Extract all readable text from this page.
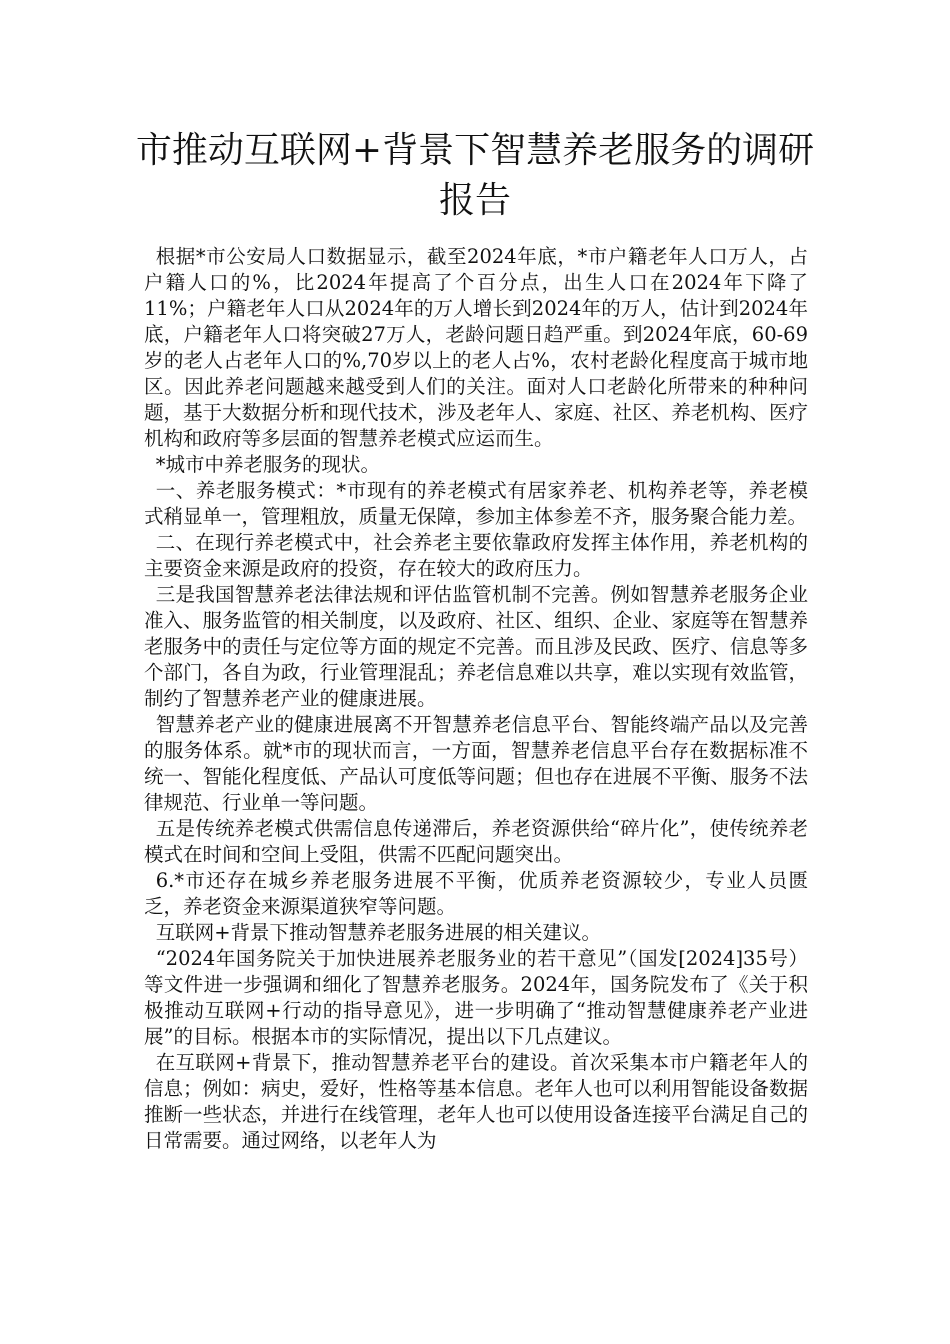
市推动互联网+背景下智慧养老服务的调研报告

根据*市公安局人口数据显示，截至2024年底，*市户籍老年人口万人，占户籍人口的%，比2024年提高了个百分点，出生人口在2024年下降了11%；户籍老年人口从2024年的万人增长到2024年的万人，估计到2024年底，户籍老年人口将突破27万人，老龄问题日趋严重。到2024年底，60-69岁的老人占老年人口的%,70岁以上的老人占%，农村老龄化程度高于城市地区。因此养老问题越来越受到人们的关注。面对人口老龄化所带来的种种问题，基于大数据分析和现代技术，涉及老年人、家庭、社区、养老机构、医疗机构和政府等多层面的智慧养老模式应运而生。

*城市中养老服务的现状。

一、养老服务模式：*市现有的养老模式有居家养老、机构养老等，养老模式稍显单一，管理粗放，质量无保障，参加主体参差不齐，服务聚合能力差。

二、在现行养老模式中，社会养老主要依靠政府发挥主体作用，养老机构的主要资金来源是政府的投资，存在较大的政府压力。

三是我国智慧养老法律法规和评估监管机制不完善。例如智慧养老服务企业准入、服务监管的相关制度，以及政府、社区、组织、企业、家庭等在智慧养老服务中的责任与定位等方面的规定不完善。而且涉及民政、医疗、信息等多个部门，各自为政，行业管理混乱；养老信息难以共享，难以实现有效监管，制约了智慧养老产业的健康进展。

智慧养老产业的健康进展离不开智慧养老信息平台、智能终端产品以及完善的服务体系。就*市的现状而言，一方面，智慧养老信息平台存在数据标准不统一、智能化程度低、产品认可度低等问题；但也存在进展不平衡、服务不法律规范、行业单一等问题。

五是传统养老模式供需信息传递滞后，养老资源供给“碎片化”，使传统养老模式在时间和空间上受阻，供需不匹配问题突出。

6.*市还存在城乡养老服务进展不平衡，优质养老资源较少，专业人员匮乏，养老资金来源渠道狭窄等问题。

互联网+背景下推动智慧养老服务进展的相关建议。

“2024年国务院关于加快进展养老服务业的若干意见”（国发[2024]35号）等文件进一步强调和细化了智慧养老服务。2024年，国务院发布了《关于积极推动互联网+行动的指导意见》，进一步明确了“推动智慧健康养老产业进展”的目标。根据本市的实际情况，提出以下几点建议。

在互联网+背景下，推动智慧养老平台的建设。首次采集本市户籍老年人的信息；例如：病史，爱好，性格等基本信息。老年人也可以利用智能设备数据推断一些状态，并进行在线管理，老年人也可以使用设备连接平台满足自己的日常需要。通过网络，以老年人为
